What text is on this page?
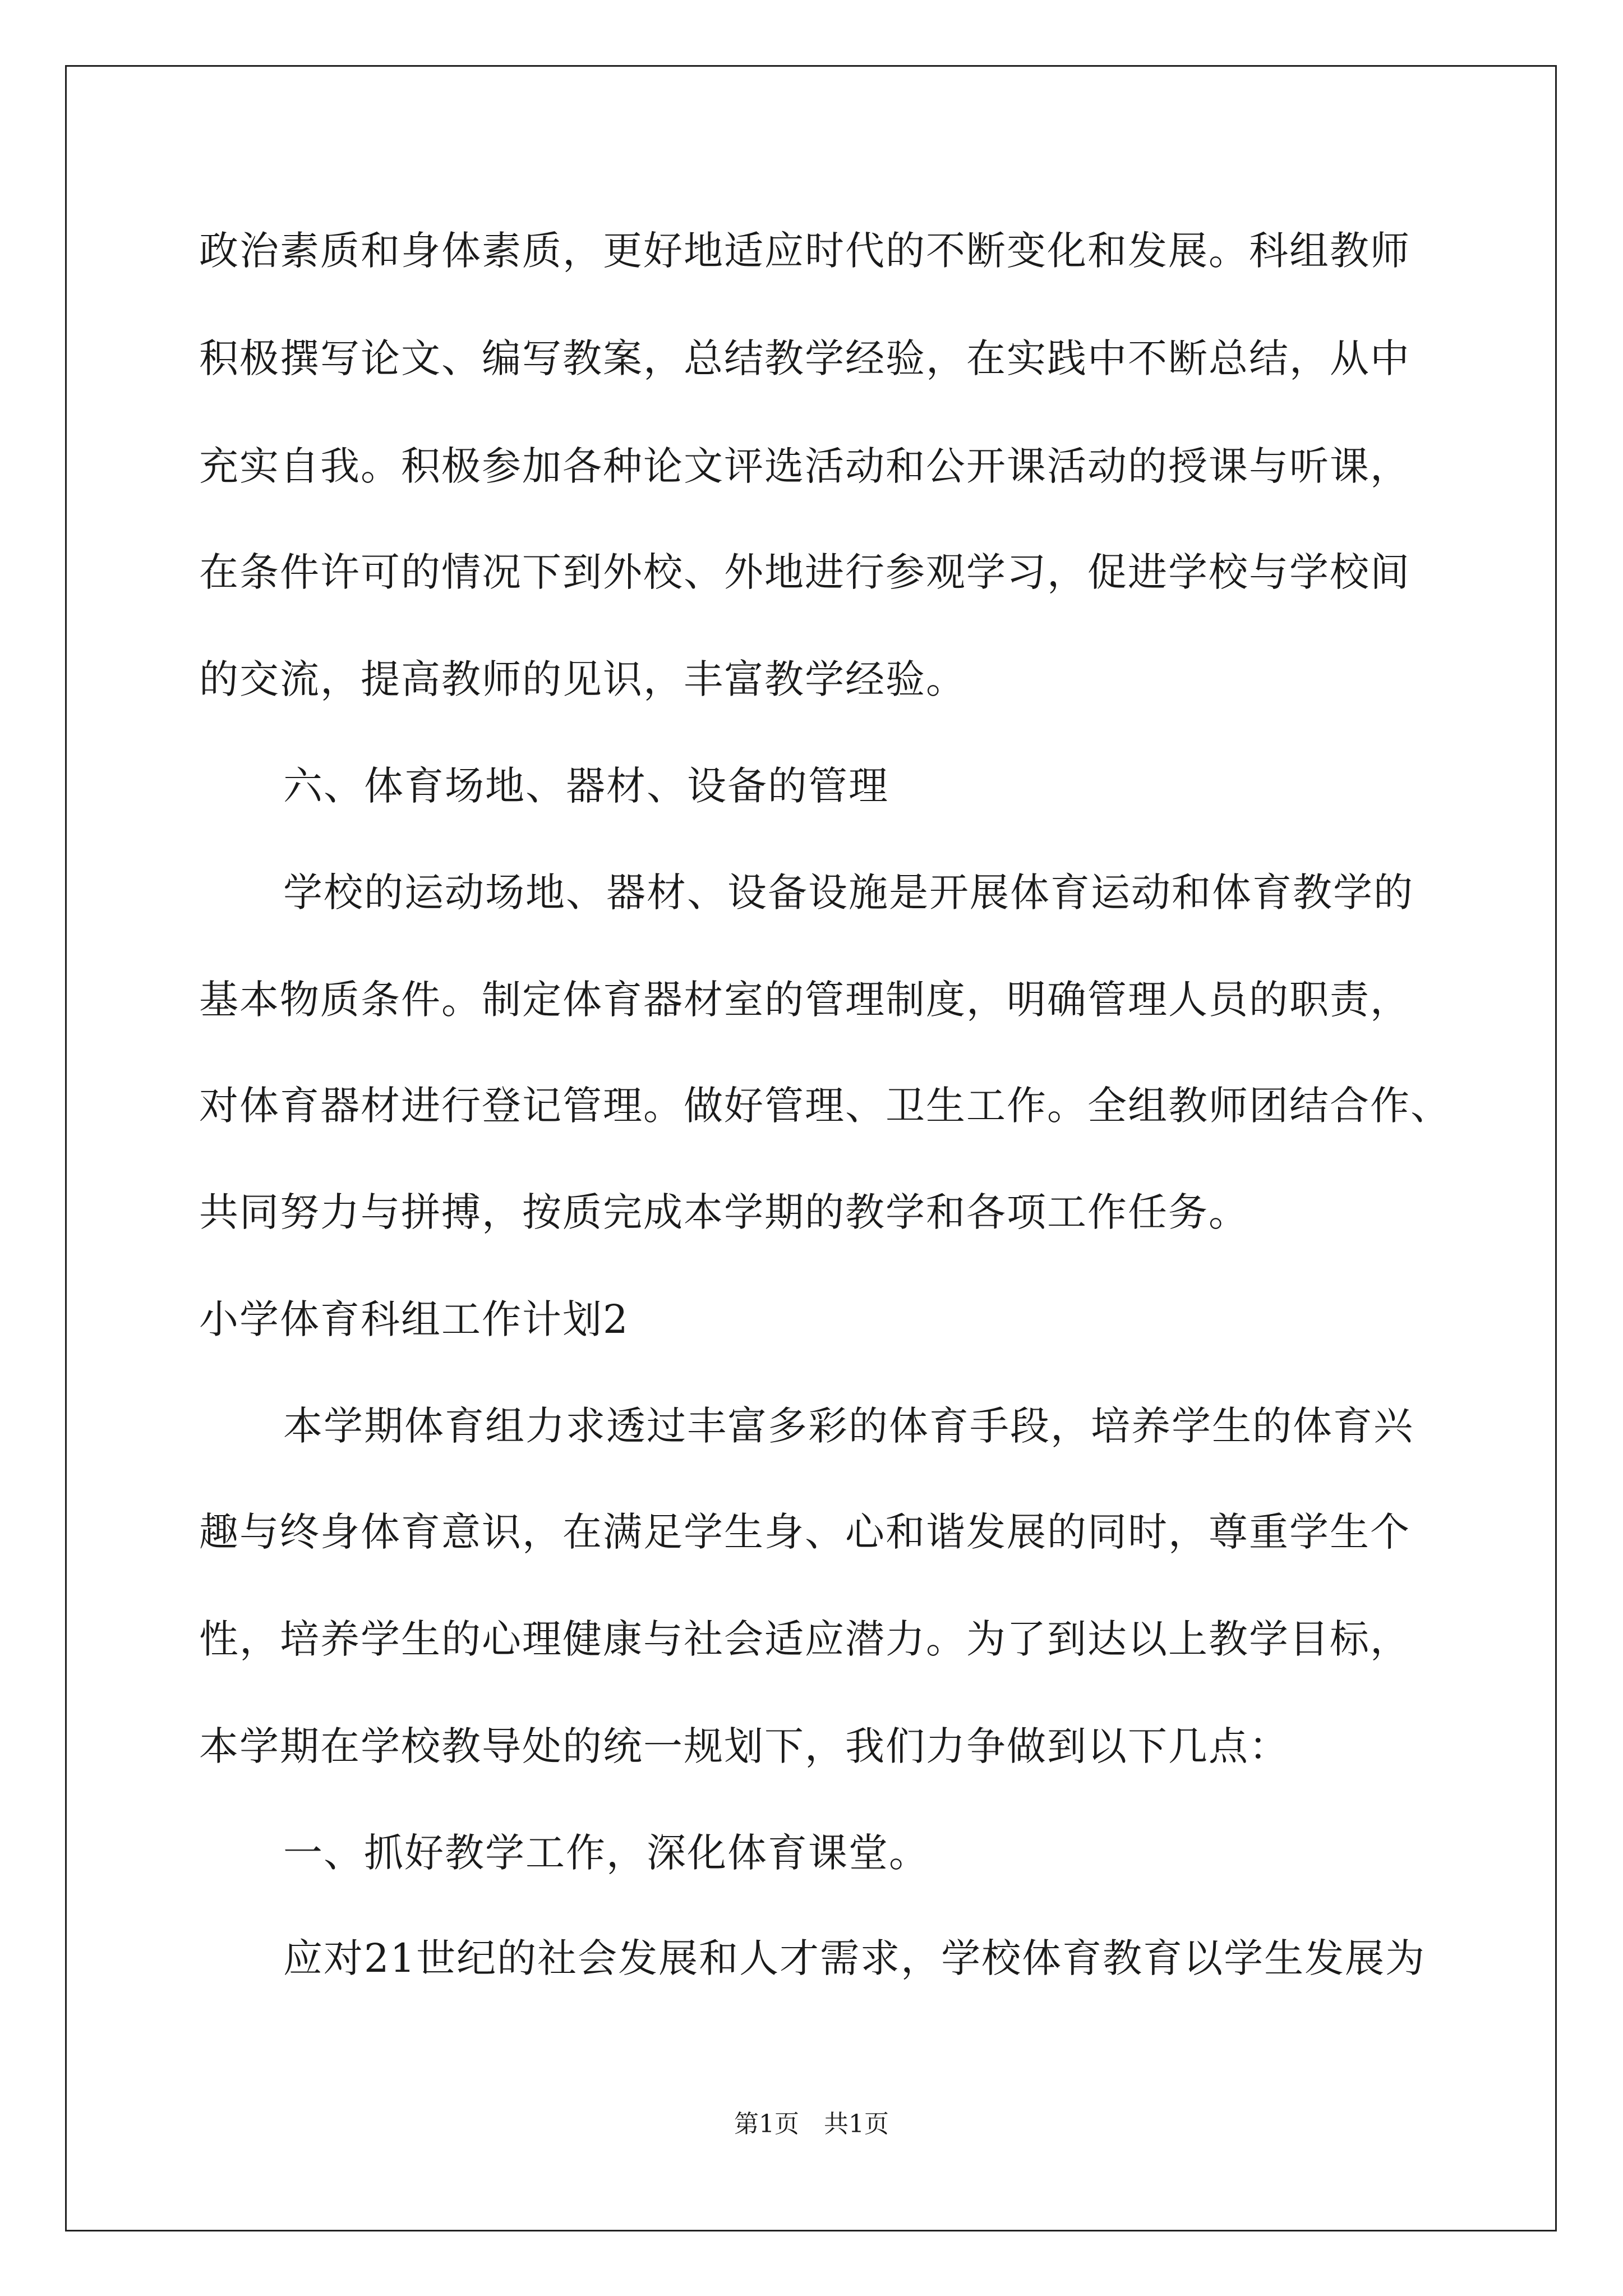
政治素质和身体素质，更好地适应时代的不断变化和发展。科组教师
积极撰写论文、编写教案，总结教学经验，在实践中不断总结，从中
充实自我。积极参加各种论文评选活动和公开课活动的授课与听课，
在条件许可的情况下到外校、外地进行参观学习，促进学校与学校间
的交流，提高教师的见识，丰富教学经验。
六、体育场地、器材、设备的管理
学校的运动场地、器材、设备设施是开展体育运动和体育教学的
基本物质条件。制定体育器材室的管理制度，明确管理人员的职责，
对体育器材进行登记管理。做好管理、卫生工作。全组教师团结合作、
共同努力与拼搏，按质完成本学期的教学和各项工作任务。
小学体育科组工作计划2
本学期体育组力求透过丰富多彩的体育手段，培养学生的体育兴
趣与终身体育意识，在满足学生身、心和谐发展的同时，尊重学生个
性，培养学生的心理健康与社会适应潜力。为了到达以上教学目标，
本学期在学校教导处的统一规划下，我们力争做到以下几点：
一、抓好教学工作，深化体育课堂。
应对21世纪的社会发展和人才需求，学校体育教育以学生发展为
第1页　共1页
